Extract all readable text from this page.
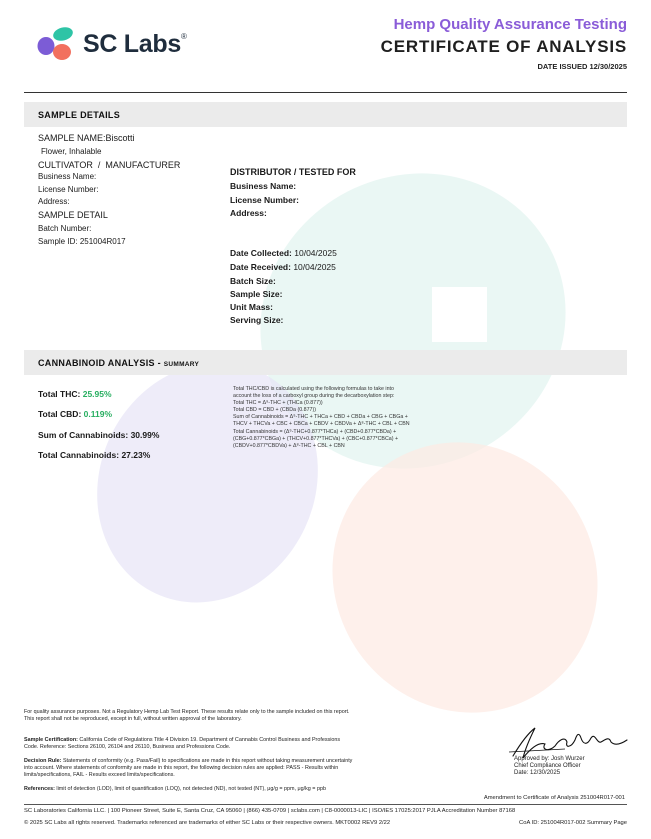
SC Labs®
Hemp Quality Assurance Testing
CERTIFICATE OF ANALYSIS
DATE ISSUED 12/30/2025
SAMPLE DETAILS
SAMPLE NAME:Biscotti
Flower, Inhalable
CULTIVATOR  /  MANUFACTURER
Business Name:
License Number:
Address:
SAMPLE DETAIL
Batch Number:
Sample ID: 251004R017
DISTRIBUTOR / TESTED FOR
Business Name:
License Number:
Address:
Date Collected: 10/04/2025
Date Received: 10/04/2025
Batch Size:
Sample Size:
Unit Mass:
Serving Size:
CANNABINOID ANALYSIS - SUMMARY
Total THC: 25.95%
Total CBD: 0.119%
Sum of Cannabinoids: 30.99%
Total Cannabinoids: 27.23%
Total THC/CBD is calculated using the following formulas to take into
account the loss of a carboxyl group during the decarboxylation step:
Total THC = Δ⁹-THC + (THCa (0.877))
Total CBD = CBD + (CBDa (0.877))
Sum of Cannabinoids = Δ⁹-THC + THCa + CBD + CBDa + CBG + CBGa +
THCV + THCVa + CBC + CBCa + CBDV + CBDVa + Δ⁸-THC + CBL + CBN
Total Cannabinoids = (Δ⁹-THC+0.877*THCa) + (CBD+0.877*CBDa) +
(CBG+0.877*CBGa) + (THCV+0.877*THCVa) + (CBC+0.877*CBCa) +
(CBDV+0.877*CBDVa) + Δ⁸-THC + CBL + CBN
For quality assurance purposes. Not a Regulatory Hemp Lab Test Report. These results relate only to the sample included on this report. This report shall not be reproduced, except in full, without written approval of the laboratory.
Sample Certification: California Code of Regulations Title 4 Division 19. Department of Cannabis Control Business and Professions Code. Reference: Sections 26100, 26104 and 26110, Business and Professions Code.
Decision Rule: Statements of conformity (e.g. Pass/Fail) to specifications are made in this report without taking measurement uncertainty into account. Where statements of conformity are made in this report, the following decision rules are applied: PASS - Results within limits/specifications, FAIL - Results exceed limits/specifications.
References: limit of detection (LOD), limit of quantification (LOQ), not detected (ND), not tested (NT), μg/g = ppm, μg/kg = ppb
Approved by: Josh Wurzer
Chief Compliance Officer
Date: 12/30/2025
Amendment to Certificate of Analysis 251004R017-001
SC Laboratories California LLC. | 100 Pioneer Street, Suite E, Santa Cruz, CA 95060 | (866) 435-0709 | sclabs.com | C8-0000013-LIC | ISO/IES 17025:2017 PJLA Accreditation Number 87168
© 2025 SC Labs all rights reserved. Trademarks referenced are trademarks of either SC Labs or their respective owners. MKT0002 REV9 2/22	CoA ID: 251004R017-002 Summary Page
